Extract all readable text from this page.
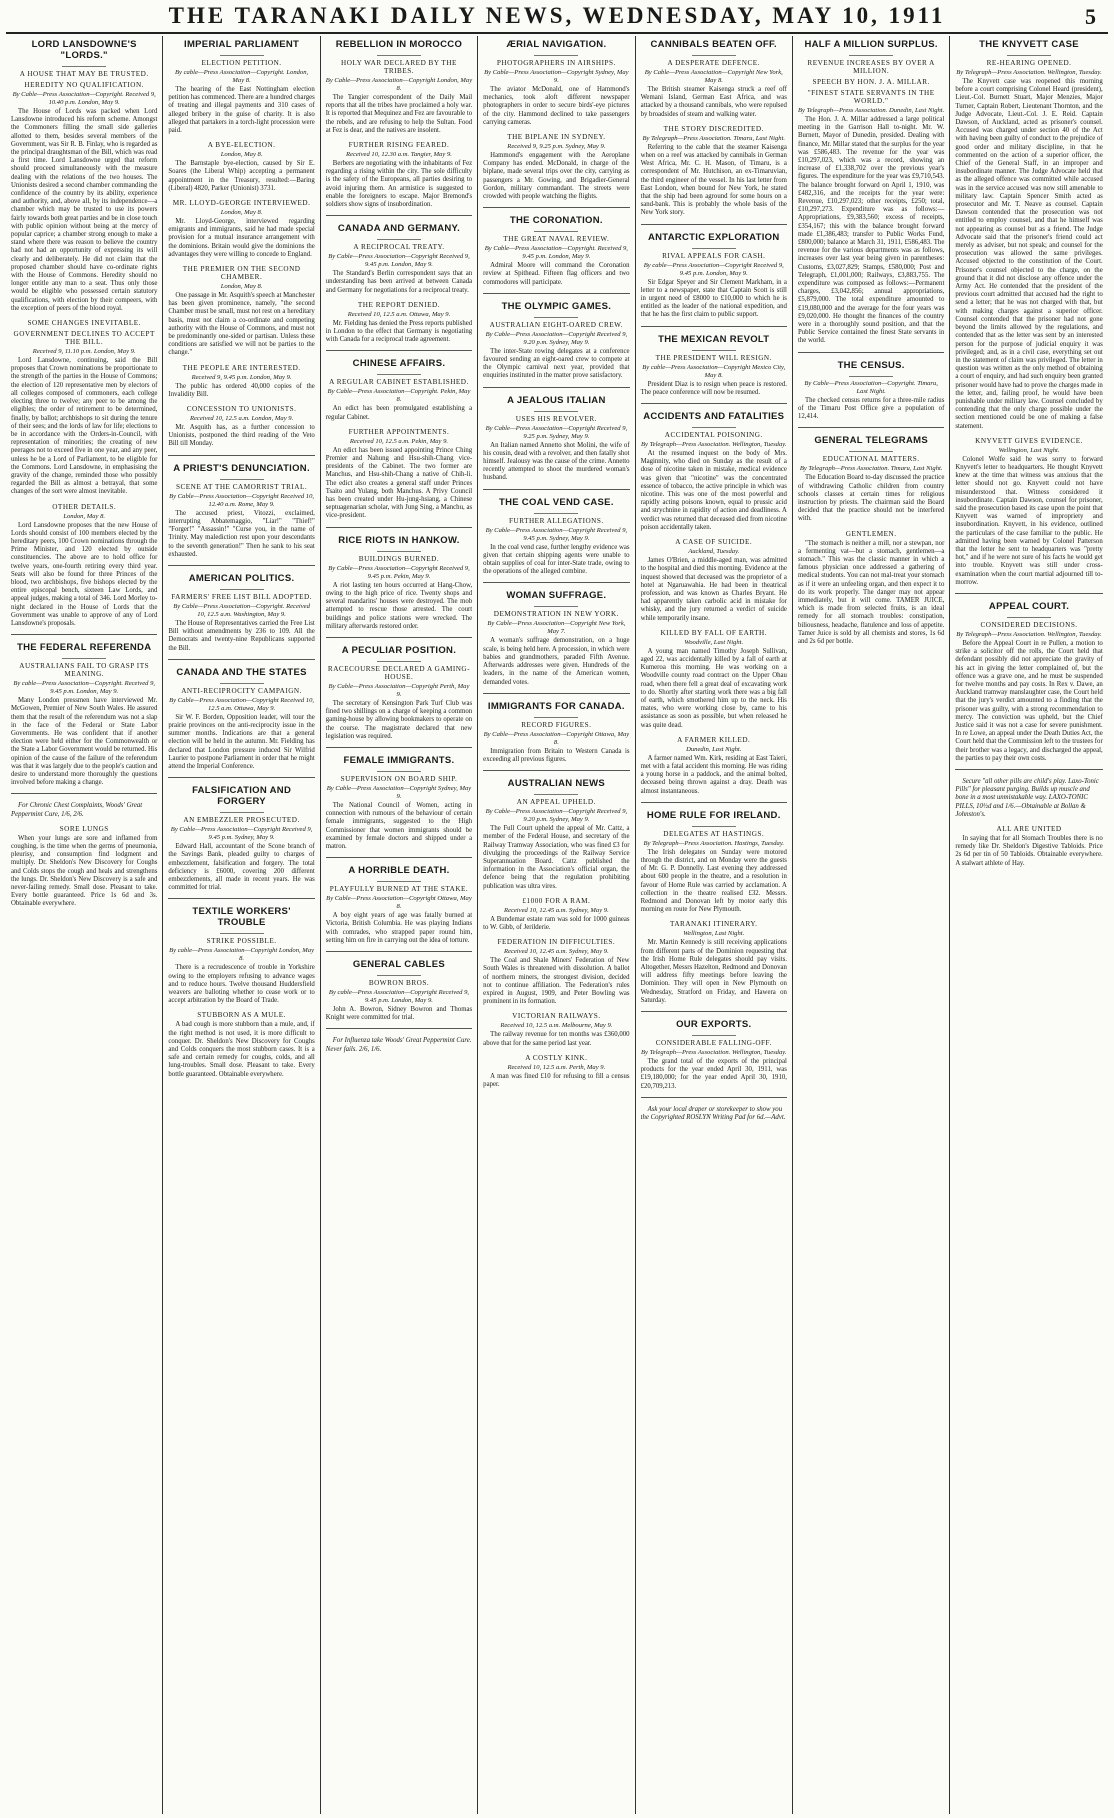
THE TARANAKI DAILY NEWS, WEDNESDAY, MAY 10, 1911	5
LORD LANSDOWNE'S "LORDS."
A HOUSE THAT MAY BE TRUSTED.
HEREDITY NO QUALIFICATION.
By Cable—Press Association—Copyright. Received 9, 10.40 p.m. London, May 9.

The House of Lords was packed when Lord Lansdowne introduced his reform scheme. Amongst the Commoners filling the small side galleries allotted to them, besides several members of the Government, was Sir R. B. Finlay, who is regarded as the principal draughtsman of the Bill, which was read a first time. Lord Lansdowne urged that reform should proceed simultaneously with the measure dealing with the relations of the two houses. The Unionists desired a second chamber commanding the confidence of the country by its ability, experience and authority, and, above all, by its independence—a chamber which may be trusted to use its powers fairly towards both great parties and be in close touch with public opinion without being at the mercy of popular caprice; a chamber strong enough to make a stand where there was reason to believe the country had not had an opportunity of expressing its will clearly and deliberately. He did not claim that the proposed chamber should have co-ordinate rights with the House of Commons. Heredity should no longer entitle any man to a seat. Thus only those would be eligible who possessed certain statutory qualifications, with election by their compeers, with the exception of peers of the blood royal.

SOME CHANGES INEVITABLE.
GOVERNMENT DECLINES TO ACCEPT THE BILL.
Received 9, 11.10 p.m. London, May 9.

Lord Lansdowne, continuing, said the Bill proposes that Crown nominations be proportionate to the strength of the parties in the House of Commons; the election of 120 representative men by electors of all colleges composed of commoners, each college electing three to twelve; any peer to be among the eligibles; the order of retirement to be determined, finally, by ballot; archbishops to sit during the tenure of their sees; and the lords of law for life; elections to be in accordance with the Orders-in-Council, with representation of minorities; the creating of new peerages not to exceed five in one year, and any peer, unless he be a Lord of Parliament, to be eligible for the Commons. Lord Lansdowne, in emphasising the gravity of the change, reminded those who possibly regarded the Bill as almost a betrayal, that some changes of the sort were almost inevitable.

OTHER DETAILS.
London, May 8.

Lord Lansdowne proposes that the new House of Lords should consist of 100 members elected by the hereditary peers, 100 Crown nominations through the Prime Minister, and 120 elected by outside constituencies. The above are to hold office for twelve years, one-fourth retiring every third year. Seats will also be found for three Princes of the blood, two archbishops, five bishops elected by the entire episcopal bench, sixteen Law Lords, and appeal judges, making a total of 346. Lord Morley to-night declared in the House of Lords that the Government was unable to approve of any of Lord Lansdowne's proposals.

THE FEDERAL REFERENDA
AUSTRALIANS FAIL TO GRASP ITS MEANING.
By cable—Press Association—Copyright. Received 9, 9.45 p.m. London, May 9.

Many London pressmen have interviewed Mr. McGowen, Premier of New South Wales. He assured them that the result of the referendum was not a slap in the face of the Federal or State Labor Governments. He was confident that if another election were held either for the Commonwealth or the State a Labor Government would be returned. His opinion of the cause of the failure of the referendum was that it was largely due to the people's caution and desire to understand more thoroughly the questions involved before making a change.

For Chronic Chest Complaints, Woods' Great Peppermint Cure, 1/6, 2/6.
SORE LUNGS

When your lungs are sore and inflamed from coughing, is the time when the germs of pneumonia, pleurisy, and consumption find lodgment and multiply. Dr. Sheldon's New Discovery for Coughs and Colds stops the cough and heals and strengthens the lungs. Dr. Sheldon's New Discovery is a safe and never-failing remedy. Small dose. Pleasant to take. Every bottle guaranteed. Price 1s 6d and 3s. Obtainable everywhere.

IMPERIAL PARLIAMENT
ELECTION PETITION.
By cable—Press Association—Copyright. London, May 8.

The hearing of the East Nottingham election petition has commenced. There are a hundred charges of treating and illegal payments and 310 cases of alleged bribery in the guise of charity. It is also alleged that partakers in a torch-light procession were paid.

A BYE-ELECTION.
London, May 8.

The Barnstaple bye-election, caused by Sir E. Soares (the Liberal Whip) accepting a permanent appointment in the Treasury, resulted:—Baring (Liberal) 4820, Parker (Unionist) 3731.

MR. LLOYD-GEORGE INTERVIEWED.
London, May 8.

Mr. Lloyd-George, interviewed regarding emigrants and immigrants, said he had made special provision for a mutual insurance arrangement with the dominions. Britain would give the dominions the advantages they were willing to concede to England.

THE PREMIER ON THE SECOND CHAMBER.
London, May 8.

One passage in Mr. Asquith's speech at Manchester has been given prominence, namely, "the second Chamber must be small, must not rest on a hereditary basis, must not claim a co-ordinate and competing authority with the House of Commons, and must not be predominantly one-sided or partisan. Unless these conditions are satisfied we will not be parties to the change."

THE PEOPLE ARE INTERESTED.
Received 9, 9.45 p.m. London, May 9.

The public has ordered 40,000 copies of the Invalidity Bill.

CONCESSION TO UNIONISTS.
Received 10, 12.5 a.m. London, May 9.

Mr. Asquith has, as a further concession to Unionists, postponed the third reading of the Veto Bill till Monday.

A PRIEST'S DENUNCIATION.
SCENE AT THE CAMORRIST TRIAL.
By Cable—Press Association—Copyright Received 10, 12.40 a.m. Rome, May 9.

The accused priest, Vitozzi, exclaimed, interrupting Abbatemaggio, "Liar!" "Thief!" "Forger!" "Assassin!" "Curse you, in the name of Trinity. May malediction rest upon your descendants to the seventh generation!" Then he sank to his seat exhausted.

AMERICAN POLITICS.
FARMERS' FREE LIST BILL ADOPTED.
By Cable—Press Association—Copyright. Received 10, 12.5 a.m. Washington, May 9.

The House of Representatives carried the Free List Bill without amendments by 236 to 109. All the Democrats and twenty-nine Republicans supported the Bill.

CANADA AND THE STATES
ANTI-RECIPROCITY CAMPAIGN.
By Cable—Press Association—Copyright Received 10, 12.5 a.m. Ottawa, May 9.

Sir W. F. Borden, Opposition leader, will tour the prairie provinces on the anti-reciprocity issue in the summer months. Indications are that a general election will be held in the autumn. Mr. Fielding has declared that London pressure induced Sir Wilfrid Laurier to postpone Parliament in order that he might attend the Imperial Conference.

FALSIFICATION AND FORGERY
AN EMBEZZLER PROSECUTED.
By Cable—Press Association—Copyright Received 9, 9.45 p.m. Sydney, May 9.

Edward Hall, accountant of the Scone branch of the Savings Bank, pleaded guilty to charges of embezzlement, falsification and forgery. The total deficiency is £6000, covering 200 different embezzlements, all made in recent years. He was committed for trial.

TEXTILE WORKERS' TROUBLE
STRIKE POSSIBLE.
By cable—Press Association—Copyright London, May 8.

There is a recrudescence of trouble in Yorkshire owing to the employers refusing to advance wages and to reduce hours. Twelve thousand Huddersfield weavers are balloting whether to cease work or to accept arbitration by the Board of Trade.

STUBBORN AS A MULE.

A bad cough is more stubborn than a mule, and, if the right method is not used, it is more difficult to conquer. Dr. Sheldon's New Discovery for Coughs and Colds conquers the most stubborn cases. It is a safe and certain remedy for coughs, colds, and all lung-troubles. Small dose. Pleasant to take. Every bottle guaranteed. Obtainable everywhere.

REBELLION IN MOROCCO
HOLY WAR DECLARED BY THE TRIBES.
By Cable—Press Association—Copyright London, May 8.

The Tangier correspondent of the Daily Mail reports that all the tribes have proclaimed a holy war. It is reported that Mequinez and Fez are favourable to the rebels, and are refusing to help the Sultan. Food at Fez is dear, and the natives are insolent.

FURTHER RISING FEARED.
Received 10, 12.30 a.m. Tangier, May 9.

Berbers are negotiating with the inhabitants of Fez regarding a rising within the city. The sole difficulty is the safety of the Europeans, all parties desiring to avoid injuring them. An armistice is suggested to enable the foreigners to escape. Major Bremond's soldiers show signs of insubordination.

CANADA AND GERMANY.
A RECIPROCAL TREATY.
By Cable—Press Association—Copyright Received 9, 9.45 p.m. London, May 9.

The Standard's Berlin correspondent says that an understanding has been arrived at between Canada and Germany for negotiations for a reciprocal treaty.

THE REPORT DENIED.
Received 10, 12.5 a.m. Ottawa, May 9.

Mr. Fielding has denied the Press reports published in London to the effect that Germany is negotiating with Canada for a reciprocal trade agreement.

CHINESE AFFAIRS.
A REGULAR CABINET ESTABLISHED.
By Cable—Press Association—Copyright. Pekin, May 8.

An edict has been promulgated establishing a regular Cabinet.

FURTHER APPOINTMENTS.
Received 10, 12.5 a.m. Pekin, May 9.

An edict has been issued appointing Prince Ching Premier and Nahung and Hsu-shih-Chang vice-presidents of the Cabinet. The two former are Manchus, and Hsu-shih-Chang a native of Chih-li. The edict also creates a general staff under Princes Tsaito and Yulang, both Manchus. A Privy Council has been created under Hu-jung-hsiang, a Chinese septuagenarian scholar, with Jung Sing, a Manchu, as vice-president.

RICE RIOTS IN HANKOW.
BUILDINGS BURNED.
By Cable—Press Association—Copyright Received 9, 9.45 p.m. Pekin, May 9.

A riot lasting ten hours occurred at Hang-Chow, owing to the high price of rice. Twenty shops and several mandarins' houses were destroyed. The mob attempted to rescue those arrested. The court buildings and police stations were wrecked. The military afterwards restored order.

A PECULIAR POSITION.
RACECOURSE DECLARED A GAMING-HOUSE.
By Cable—Press Association—Copyright Perth, May 9.

The secretary of Kensington Park Turf Club was fined two shillings on a charge of keeping a common gaming-house by allowing bookmakers to operate on the course. The magistrate declared that new legislation was required.

FEMALE IMMIGRANTS.
SUPERVISION ON BOARD SHIP.
By Cable—Press Association—Copyright Sydney, May 9.

The National Council of Women, acting in connection with rumours of the behaviour of certain female immigrants, suggested to the High Commissioner that women immigrants should be examined by female doctors and shipped under a matron.

A HORRIBLE DEATH.
PLAYFULLY BURNED AT THE STAKE.
By Cable—Press Association—Copyright Ottawa, May 8.

A boy eight years of age was fatally burned at Victoria, British Columbia. He was playing Indians with comrades, who strapped paper round him, setting him on fire in carrying out the idea of torture.

GENERAL CABLES
BOWRON BROS.
By cable—Press Association—Copyright Received 9, 9.45 p.m. London, May 9.

John A. Bowron, Sidney Bowron and Thomas Knight were committed for trial.

For Influenza take Woods' Great Peppermint Cure. Never fails. 2/6, 1/6.
ÆRIAL NAVIGATION.
PHOTOGRAPHERS IN AIRSHIPS.
By Cable—Press Association—Copyright Sydney, May 9.

The aviator McDonald, one of Hammond's mechanics, took aloft different newspaper photographers in order to secure birds'-eye pictures of the city. Hammond declined to take passengers carrying cameras.

THE BIPLANE IN SYDNEY.
Received 9, 9.25 p.m. Sydney, May 9.

Hammond's engagement with the Aeroplane Company has ended. McDonald, in charge of the biplane, made several trips over the city, carrying as passengers a Mr. Gowing, and Brigadier-General Gordon, military commandant. The streets were crowded with people watching the flights.

THE CORONATION.
THE GREAT NAVAL REVIEW.
By Cable—Press Association—Copyright. Received 9, 9.45 p.m. London, May 9.

Admiral Moore will command the Coronation review at Spithead. Fifteen flag officers and two commodores will participate.

THE OLYMPIC GAMES.
AUSTRALIAN EIGHT-OARED CREW.
By Cable—Press Association—Copyright Received 9, 9.20 p.m. Sydney, May 9.

The inter-State rowing delegates at a conference favoured sending an eight-oared crew to compete at the Olympic carnival next year, provided that enquiries instituted in the matter prove satisfactory.

A JEALOUS ITALIAN
USES HIS REVOLVER.
By Cable—Press Association—Copyright Received 9, 9.25 p.m. Sydney, May 9.

An Italian named Annetto shot Molini, the wife of his cousin, dead with a revolver, and then fatally shot himself. Jealousy was the cause of the crime. Annetto recently attempted to shoot the murdered woman's husband.

THE COAL VEND CASE.
FURTHER ALLEGATIONS.
By Cable—Press Association—Copyright Received 9, 9.45 p.m. Sydney, May 9.

In the coal vend case, further lengthy evidence was given that certain shipping agents were unable to obtain supplies of coal for inter-State trade, owing to the operations of the alleged combine.

WOMAN SUFFRAGE.
DEMONSTRATION IN NEW YORK.
By Cable—Press Association—Copyright New York, May 7.

A woman's suffrage demonstration, on a huge scale, is being held here. A procession, in which were babies and grandmothers, paraded Fifth Avenue. Afterwards addresses were given. Hundreds of the leaders, in the name of the American women, demanded votes.

IMMIGRANTS FOR CANADA.
RECORD FIGURES.
By Cable—Press Association—Copyright Ottawa, May 8.

Immigration from Britain to Western Canada is exceeding all previous figures.

AUSTRALIAN NEWS
AN APPEAL UPHELD.
By Cable—Press Association—Copyright Received 9, 9.20 p.m. Sydney, May 9.

The Full Court upheld the appeal of Mr. Cattz, a member of the Federal House, and secretary of the Railway Tramway Association, who was fined £3 for divulging the proceedings of the Railway Service Superannuation Board. Cattz published the information in the Association's official organ, the defence being that the regulation prohibiting publication was ultra vires.

£1000 FOR A RAM.
Received 10, 12.45 a.m. Sydney, May 9.

A Bundemar estate ram was sold for 1000 guineas to W. Gibb, of Jerilderie.

FEDERATION IN DIFFICULTIES.
Received 10, 12.45 a.m. Sydney, May 9.

The Coal and Shale Miners' Federation of New South Wales is threatened with dissolution. A ballot of northern miners, the strongest division, decided not to continue affiliation. The Federation's rules expired in August, 1909, and Peter Bowling was prominent in its formation.

VICTORIAN RAILWAYS.
Received 10, 12.5 a.m. Melbourne, May 9.

The railway revenue for ten months was £360,000 above that for the same period last year.

A COSTLY KINK.
Received 10, 12.5 a.m. Perth, May 9.

A man was fined £10 for refusing to fill a census paper.

CANNIBALS BEATEN OFF.
A DESPERATE DEFENCE.
By Cable—Press Association—Copyright New York, May 8.

The British steamer Kaisenga struck a reef off Wemani Island, German East Africa, and was attacked by a thousand cannibals, who were repulsed by broadsides of steam and walking water.

THE STORY DISCREDITED.
By Telegraph—Press Association. Timaru, Last Night.

Referring to the cable that the steamer Kaisenga when on a reef was attacked by cannibals in German West Africa, Mr. C. H. Mason, of Timaru, is a correspondent of Mr. Hutchison, an ex-Timaruvian, the third engineer of the vessel. In his last letter from East London, when bound for New York, he stated that the ship had been aground for some hours on a sand-bank. This is probably the whole basis of the New York story.

ANTARCTIC EXPLORATION
RIVAL APPEALS FOR CASH.
By cable—Press Association—Copyright Received 9, 9.45 p.m. London, May 9.

Sir Edgar Speyer and Sir Clement Markham, in a letter to a newspaper, state that Captain Scott is still in urgent need of £8000 to £10,000 to which he is entitled as the leader of the national expedition, and that he has the first claim to public support.

THE MEXICAN REVOLT
THE PRESIDENT WILL RESIGN.
By cable—Press Association—Copyright Mexico City, May 8.

President Diaz is to resign when peace is restored. The peace conference will now be resumed.

ACCIDENTS AND FATALITIES
ACCIDENTAL POISONING.
By Telegraph—Press Association. Wellington, Tuesday.

At the resumed inquest on the body of Mrs. Maginnity, who died on Sunday as the result of a dose of nicotine taken in mistake, medical evidence was given that "nicotine" was the concentrated essence of tobacco, the active principle in which was nicotine. This was one of the most powerful and rapidly acting poisons known, equal to prussic acid and strychnine in rapidity of action and deadliness. A verdict was returned that deceased died from nicotine poison accidentally taken.

A CASE OF SUICIDE.
Auckland, Tuesday.

James O'Brien, a middle-aged man, was admitted to the hospital and died this morning. Evidence at the inquest showed that deceased was the proprietor of a hotel at Ngaruawahia. He had been in theatrical profession, and was known as Charles Bryant. He had apparently taken carbolic acid in mistake for whisky, and the jury returned a verdict of suicide while temporarily insane.

KILLED BY FALL OF EARTH.
Woodville, Last Night.

A young man named Timothy Joseph Sullivan, aged 22, was accidentally killed by a fall of earth at Kumeroa this morning. He was working on a Woodville county road contract on the Upper Ohau road, when there fell a great deal of excavating work to do. Shortly after starting work there was a big fall of earth, which smothered him up to the neck. His mates, who were working close by, came to his assistance as soon as possible, but when released he was quite dead.

A FARMER KILLED.
Dunedin, Last Night.

A farmer named Wm. Kirk, residing at East Taieri, met with a fatal accident this morning. He was riding a young horse in a paddock, and the animal bolted, deceased being thrown against a dray. Death was almost instantaneous.

HOME RULE FOR IRELAND.
DELEGATES AT HASTINGS.
By Telegraph—Press Association. Hastings, Tuesday.

The Irish delegates on Sunday were motored through the district, and on Monday were the guests of Mr. G. P. Donnelly. Last evening they addressed about 600 people in the theatre, and a resolution in favour of Home Rule was carried by acclamation. A collection in the theatre realised £32. Messrs. Redmond and Donovan left by motor early this morning en route for New Plymouth.

TARANAKI ITINERARY.
Wellington, Last Night.

Mr. Martin Kennedy is still receiving applications from different parts of the Dominion requesting that the Irish Home Rule delegates should pay visits. Altogether, Messrs Hazelton, Redmond and Donovan will address fifty meetings before leaving the Dominion. They will open in New Plymouth on Wednesday, Stratford on Friday, and Hawera on Saturday.

OUR EXPORTS.
CONSIDERABLE FALLING-OFF.
By Telegraph—Press Association. Wellington, Tuesday.

The grand total of the exports of the principal products for the year ended April 30, 1911, was £19,180,000; for the year ended April 30, 1910, £20,709,213.

Ask your local draper or storekeeper to show you the Copyrighted ROSLYN Writing Pad for 6d.—Advt.
HALF A MILLION SURPLUS.
REVENUE INCREASES BY OVER A MILLION.
SPEECH BY HON. J. A. MILLAR.
"FINEST STATE SERVANTS IN THE WORLD."
By Telegraph—Press Association. Dunedin, Last Night.

The Hon. J. A. Millar addressed a large political meeting in the Garrison Hall to-night. Mr. W. Burnett, Mayor of Dunedin, presided. Dealing with finance, Mr. Millar stated that the surplus for the year was £586,483. The revenue for the year was £10,297,023, which was a record, showing an increase of £1,338,702 over the previous year's figures. The expenditure for the year was £9,710,543. The balance brought forward on April 1, 1910, was £482,316, and the receipts for the year were: Revenue, £10,297,023; other receipts, £250; total, £10,297,273. Expenditure was as follows:—Appropriations, £9,383,560; excess of receipts, £354,167; this with the balance brought forward made £1,386,483; transfer to Public Works Fund, £800,000; balance at March 31, 1911, £586,483. The revenue for the various departments was as follows, increases over last year being given in parentheses: Customs, £3,027,829; Stamps, £580,000; Post and Telegraph, £1,001,000; Railways, £3,883,755. The expenditure was composed as follows:—Permanent charges, £3,042,856; annual appropriations, £5,879,000. The total expenditure amounted to £19,080,000 and the average for the four years was £9,020,000. He thought the finances of the country were in a thoroughly sound position, and that the Public Service contained the finest State servants in the world.

THE CENSUS.
By Cable—Press Association—Copyright. Timaru, Last Night.

The checked census returns for a three-mile radius of the Timaru Post Office give a population of 12,414.

GENERAL TELEGRAMS
EDUCATIONAL MATTERS.
By Telegraph—Press Association. Timaru, Last Night.

The Education Board to-day discussed the practice of withdrawing Catholic children from country schools classes at certain times for religious instruction by priests. The chairman said the Board decided that the practice should not be interfered with.

GENTLEMEN.

"The stomach is neither a mill, nor a stewpan, nor a fermenting vat—but a stomach, gentlemen—a stomach." This was the classic manner in which a famous physician once addressed a gathering of medical students. You can not mal-treat your stomach as if it were an unfeeling organ, and then expect it to do its work properly. The danger may not appear immediately, but it will come. TAMER JUICE, which is made from selected fruits, is an ideal remedy for all stomach troubles: constipation, biliousness, headache, flatulence and loss of appetite. Tamer Juice is sold by all chemists and stores, 1s 6d and 2s 6d per bottle.

THE KNYVETT CASE
RE-HEARING OPENED.
By Telegraph—Press Association. Wellington, Tuesday.

The Knyvett case was reopened this morning before a court comprising Colonel Heard (president), Lieut.-Col. Burnett Stuart, Major Menzies, Major Turner, Captain Robert, Lieutenant Thornton, and the Judge Advocate, Lieut.-Col. J. E. Reid. Captain Dawson, of Auckland, acted as prisoner's counsel. Accused was charged under section 40 of the Act with having been guilty of conduct to the prejudice of good order and military discipline, in that he commented on the action of a superior officer, the Chief of the General Staff, in an improper and insubordinate manner. The Judge Advocate held that as the alleged offence was committed while accused was in the service accused was now still amenable to military law. Captain Spencer Smith acted as prosecutor and Mr. T. Neave as counsel. Captain Dawson contended that the prosecution was not entitled to employ counsel, and that he himself was not appearing as counsel but as a friend. The Judge Advocate said that the prisoner's friend could act merely as adviser, but not speak; and counsel for the prosecution was allowed the same privileges. Accused objected to the constitution of the Court. Prisoner's counsel objected to the charge, on the ground that it did not disclose any offence under the Army Act. He contended that the president of the previous court admitted that accused had the right to send a letter; that he was not charged with that, but with making charges against a superior officer. Counsel contended that the prisoner had not gone beyond the limits allowed by the regulations, and contended that as the letter was sent by an interested person for the purpose of judicial enquiry it was privileged; and, as in a civil case, everything set out in the statement of claim was privileged. The letter in question was written as the only method of obtaining a court of enquiry, and had such enquiry been granted prisoner would have had to prove the charges made in the letter, and, failing proof, he would have been punishable under military law. Counsel concluded by contending that the only charge possible under the section mentioned could be one of making a false statement.

KNYVETT GIVES EVIDENCE.
Wellington, Last Night.

Colonel Wolfe said he was sorry to forward Knyvett's letter to headquarters. He thought Knyvett knew at the time that witness was anxious that the letter should not go. Knyvett could not have misunderstood that. Witness considered it insubordinate. Captain Dawson, counsel for prisoner, said the prosecution based its case upon the point that Knyvett was warned of impropriety and insubordination. Knyvett, in his evidence, outlined the particulars of the case familiar to the public. He admitted having been warned by Colonel Patterson that the letter he sent to headquarters was "pretty hot," and if he were not sure of his facts he would get into trouble. Knyvett was still under cross-examination when the court martial adjourned till to-morrow.

APPEAL COURT.
CONSIDERED DECISIONS.
By Telegraph—Press Association. Wellington, Tuesday.

Before the Appeal Court in re Pullen, a motion to strike a solicitor off the rolls, the Court held that defendant possibly did not appreciate the gravity of his act in giving the letter complained of, but the offence was a grave one, and he must be suspended for twelve months and pay costs. In Rex v. Dawe, an Auckland tramway manslaughter case, the Court held that the jury's verdict amounted to a finding that the prisoner was guilty, with a strong recommendation to mercy. The conviction was upheld, but the Chief Justice said it was not a case for severe punishment. In re Lowe, an appeal under the Death Duties Act, the Court held that the Commission left to the trustees for their brother was a legacy, and discharged the appeal, the parties to pay their own costs.

Secure "all other pills are child's play. Laxo-Tonic Pills" for pleasant purging. Builds up muscle and bone in a most unmistakable way. LAXO-TONIC PILLS, 10½d and 1/6.—Obtainable at Bollan & Johnston's.
ALL ARE UNITED

In saying that for all Stomach Troubles there is no remedy like Dr. Sheldon's Digestive Tabloids. Price 2s 6d per tin of 50 Tabloids. Obtainable everywhere. A stalwart athlete of Hay.
